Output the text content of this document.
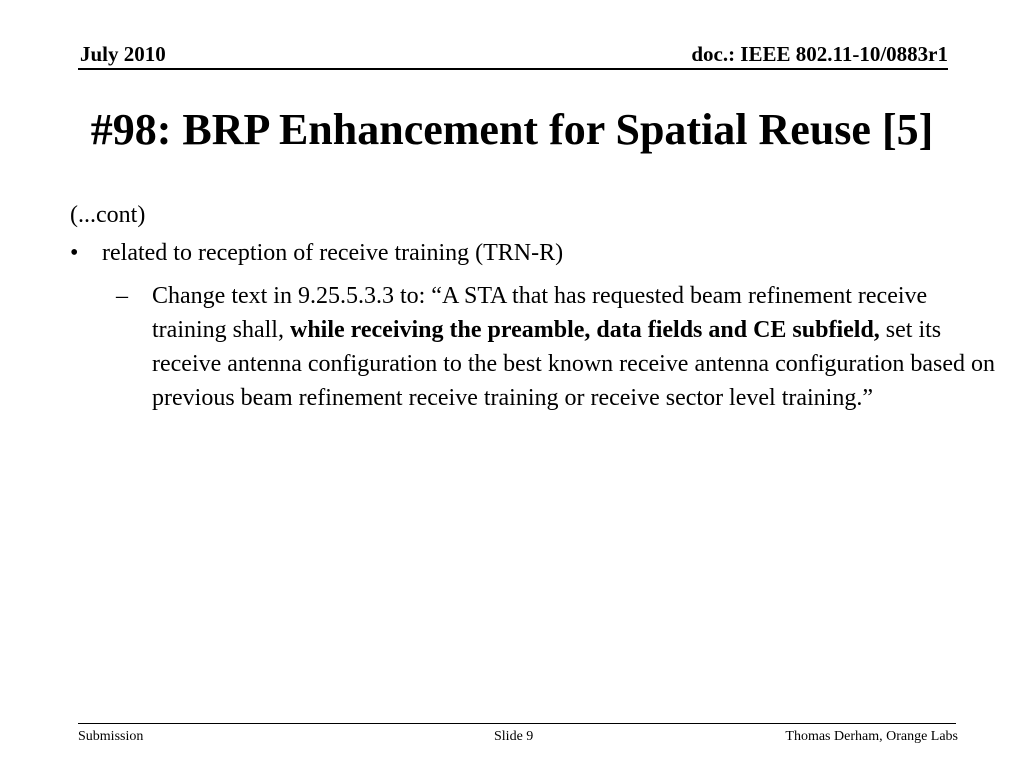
July 2010	doc.: IEEE 802.11-10/0883r1
#98: BRP Enhancement for Spatial Reuse [5]
(...cont)
• related to reception of receive training (TRN-R)
– Change text in 9.25.5.3.3 to: “A STA that has requested beam refinement receive training shall, while receiving the preamble, data fields and CE subfield, set its receive antenna configuration to the best known receive antenna configuration based on previous beam refinement receive training or receive sector level training.”
Submission	Slide 9	Thomas Derham, Orange Labs
